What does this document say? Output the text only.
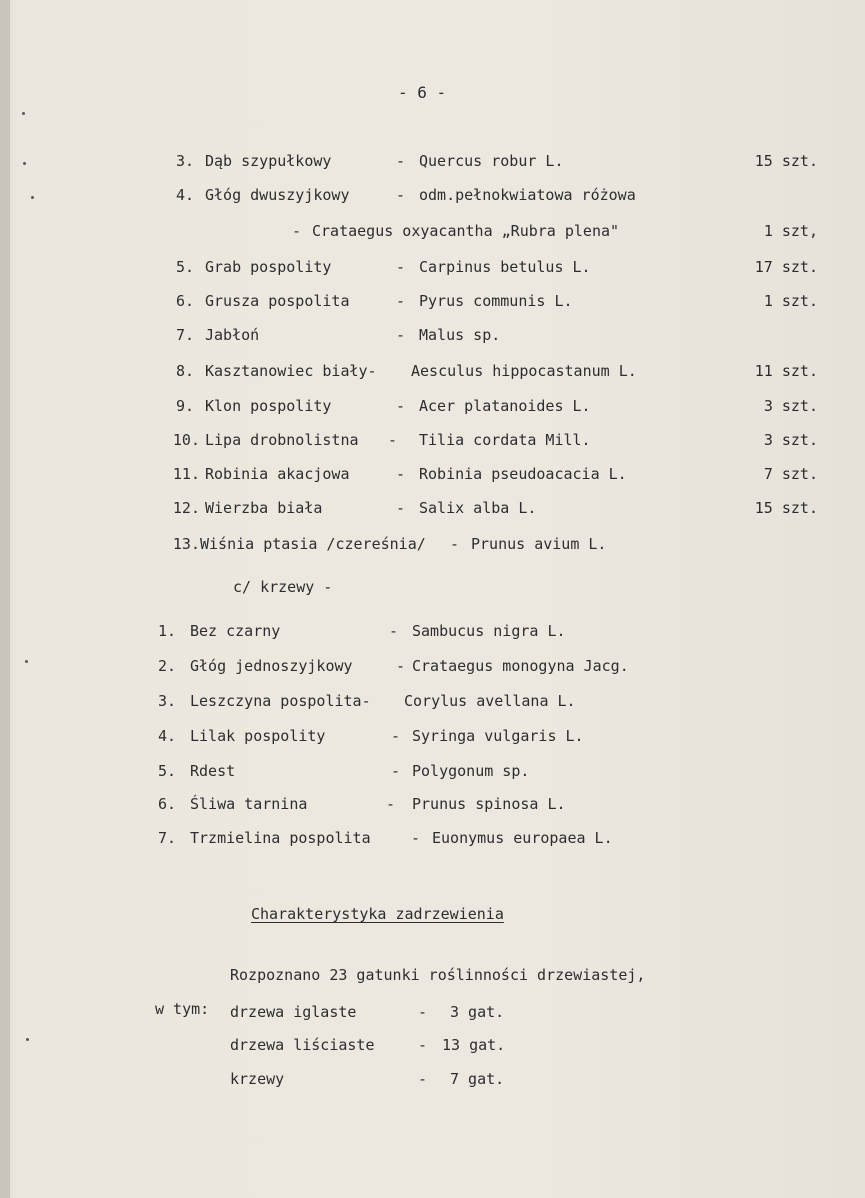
- 6 -
c/ krzewy -
Charakterystyka zadrzewienia
Rozpoznano 23 gatunki roślinności drzewiastej,
w tym: drzewa iglaste	- 3 gat.
drzewa liściaste	- 13 gat.
krzewy	- 7 gat.
3. Dąb szypułkowy	- Quercus robur L.	15 szt.
4. Głóg dwuszyjkowy	- odm.pełnokwiatowa różowa
- Crataegus oxyacantha „Rubra plena"	1 szt,
5. Grab pospolity	- Carpinus betulus L.	17 szt.
6. Grusza pospolita	- Pyrus communis L.	1 szt.
7. Jabłoń	- Malus sp.
8. Kasztanowiec biały- Aesculus hippocastanum L.	11 szt.
9. Klon pospolity	- Acer platanoides L.	3 szt.
10. Lipa drobnolistna - Tilia cordata Mill.	3 szt.
11. Robinia akacjowa	- Robinia pseudoacacia L.	7 szt.
12. Wierzba biała	- Salix alba L.	15 szt.
13. Wiśnia ptasia /czereśnia/ - Prunus avium L.
1. Bez czarny	- Sambucus nigra L.
2. Głóg jednoszyjkowy	- Crataegus monogyna Jacg.
3. Leszczyna pospolita- Corylus avellana L.
4. Lilak pospolity	- Syringa vulgaris L.
5. Rdest	- Polygonum sp.
6. Śliwa tarnina	- Prunus spinosa L.
7. Trzmielina pospolita	- Euonymus europaea L.
